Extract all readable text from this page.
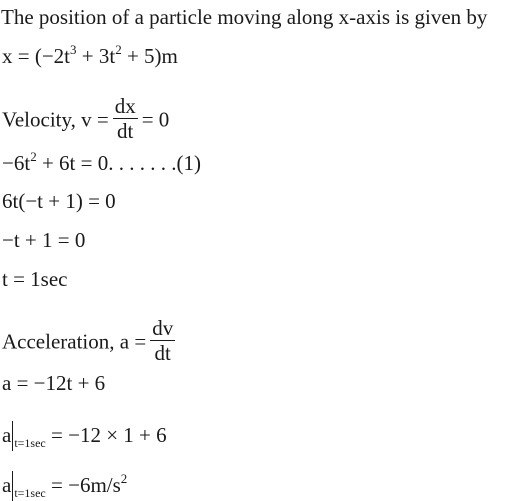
The position of a particle moving along x-axis is given by
$x = (-2t^3 + 3t^2 + 5)m$
Velocity, $v = \frac{dx}{dt} = 0$
$-6t^2 + 6t = 0$. . . . . . .(1)
6t(−t + 1) = 0
−t + 1 = 0
t = 1sec
Acceleration, $a = \frac{dv}{dt}$
a = −12t + 6
a $_{t=1sec}$ = −12 × 1 + 6
a $_{t=1sec} = -6m/s^2$
